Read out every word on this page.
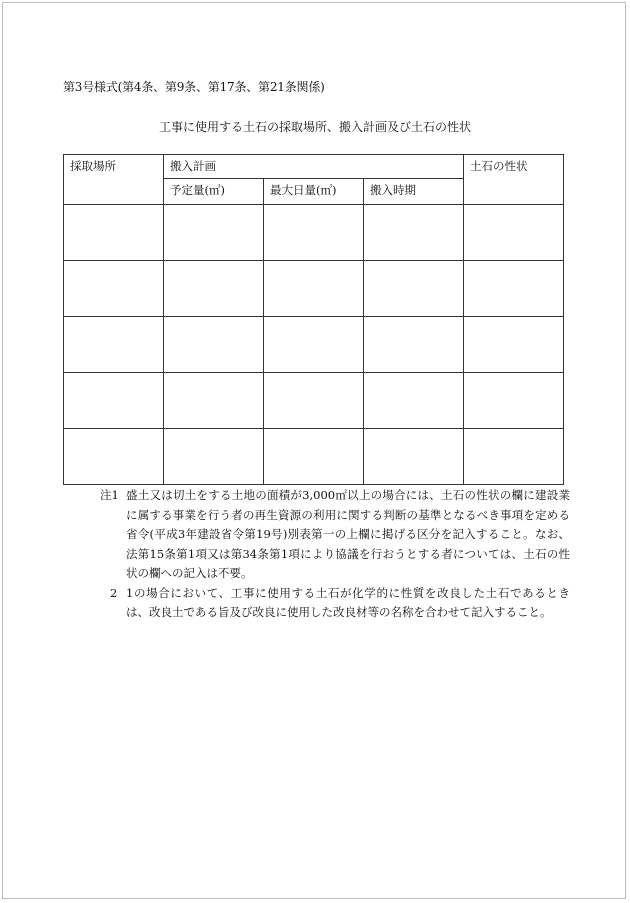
第3号様式(第4条、第9条、第17条、第21条関係)
工事に使用する土石の採取場所、搬入計画及び土石の性状
採取場所	搬入計画			土石の性状
	予定量(㎥)	最大日量(㎥)	搬入時期	

注1 盛土又は切土をする土地の面積が3,000㎡以上の場合には、土石の性状の欄に建設業に属する事業を行う者の再生資源の利用に関する判断の基準となるべき事項を定める省令(平成3年建設省令第19号)別表第一の上欄に掲げる区分を記入すること。なお、法第15条第1項又は第34条第1項により協議を行おうとする者については、土石の性状の欄への記入は不要。
2 1の場合において、工事に使用する土石が化学的に性質を改良した土石であるときは、改良土である旨及び改良に使用した改良材等の名称を合わせて記入すること。
